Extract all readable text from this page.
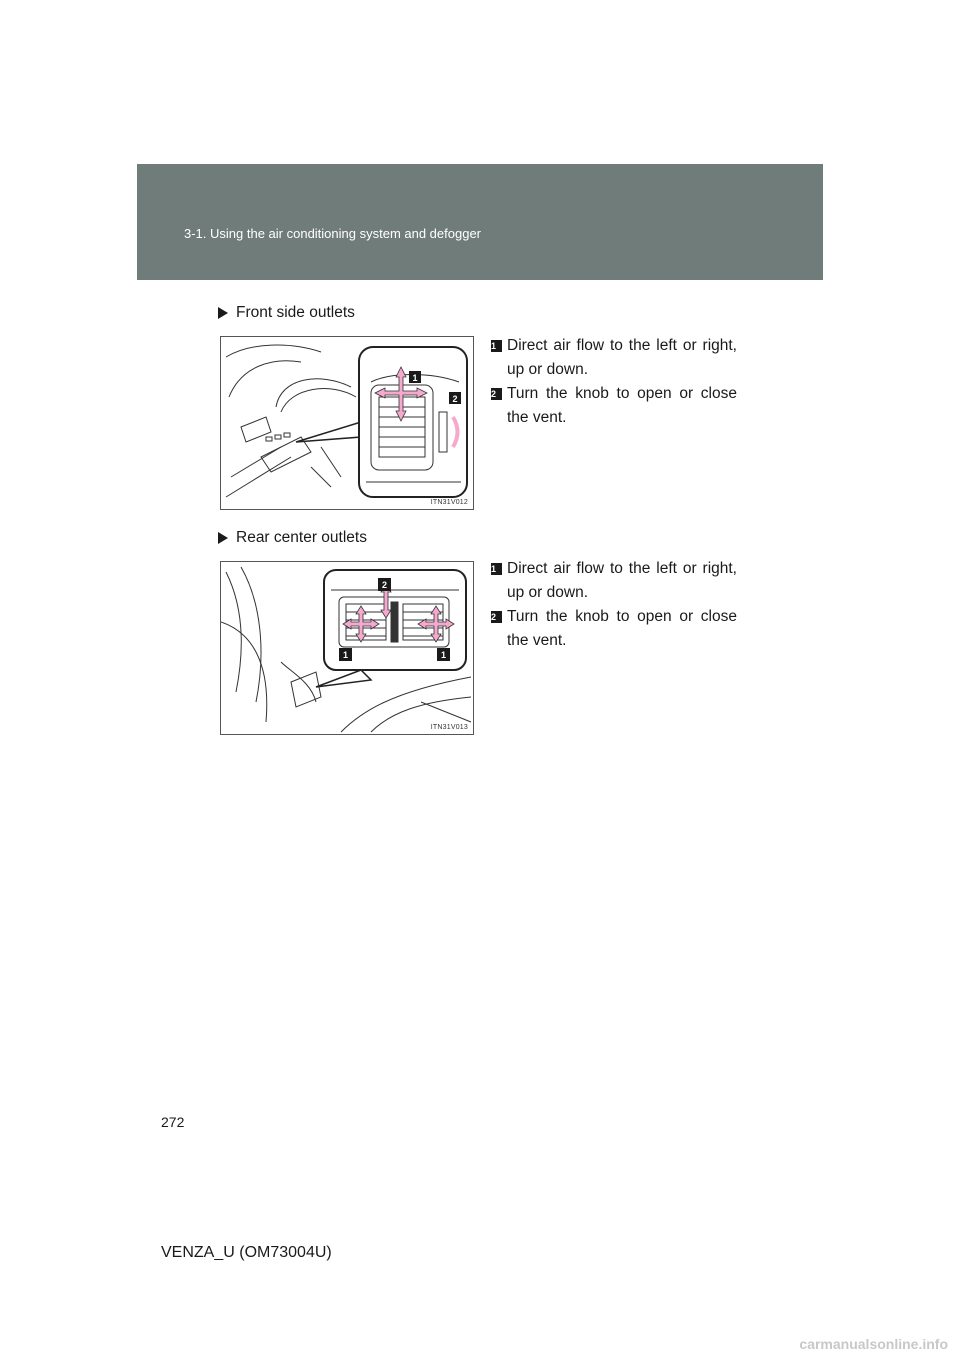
3-1. Using the air conditioning system and defogger
Front side outlets
1
2
ITN31V012
1 Direct air flow to the left or right, up or down.
2 Turn the knob to open or close the vent.
Rear center outlets
2
1	1
ITN31V013
1 Direct air flow to the left or right, up or down.
2 Turn the knob to open or close the vent.
272
VENZA_U (OM73004U)
carmanualsonline.info
